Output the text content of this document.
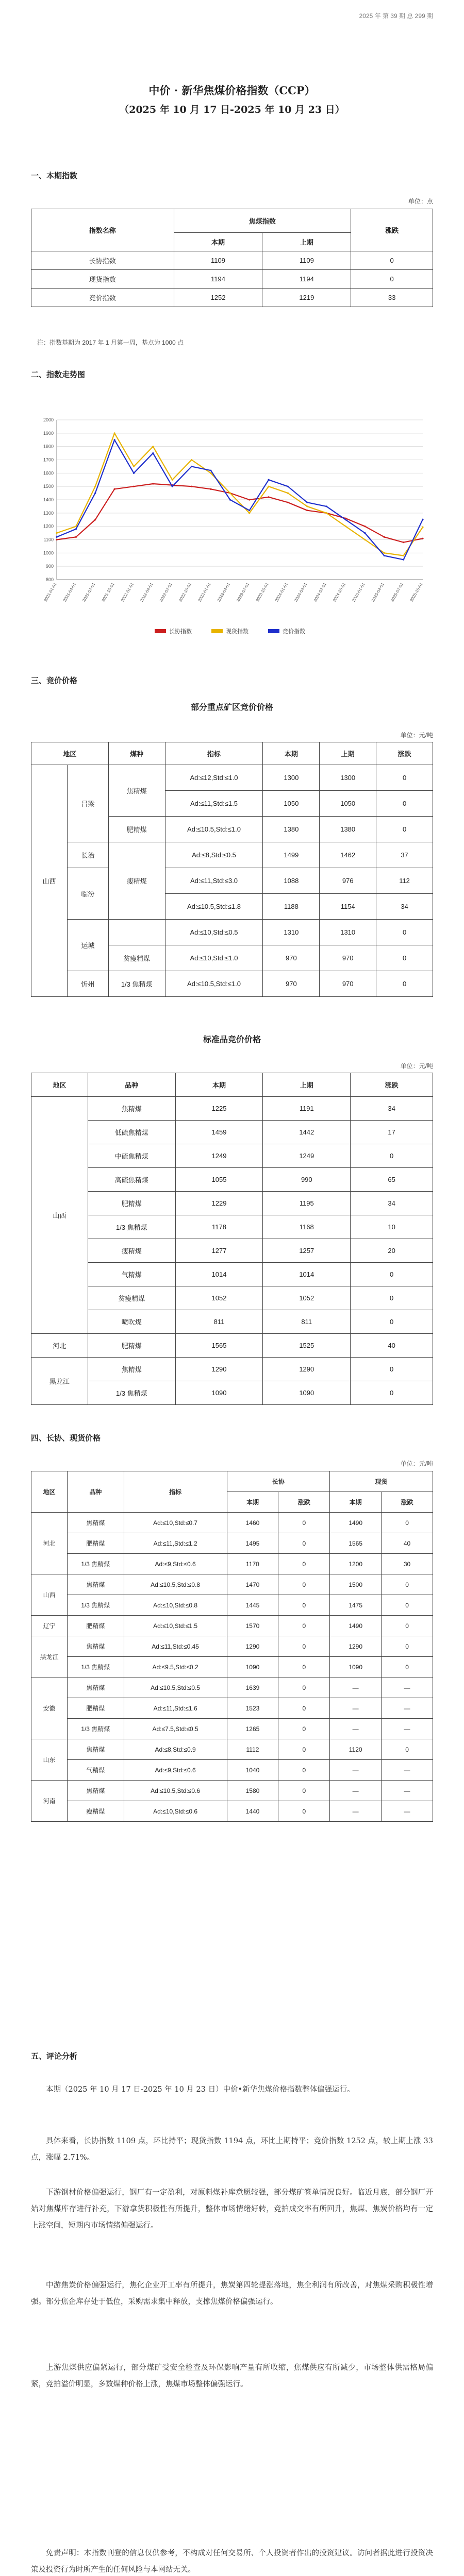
2025 年 第 39 期 总 299 期
中价 · 新华焦煤价格指数（CCP）
（2025 年 10 月 17 日-2025 年 10 月 23 日）
一、本期指数
单位：点
指数名称	焦煤指数		涨跌
	本期	上期	
长协指数	1109	1109	0
现货指数	1194	1194	0
竞价指数	1252	1219	33
注：指数基期为 2017 年 1 月第一周，基点为 1000 点
二、指数走势图
2000
1900
1800
1700
1600
1500
1400
1300
1200
1100
1000
900
800
2021-01-01 2021-04-01 2021-07-01 2021-10-01 2022-01-01 2022-04-01 2022-07-01 2022-10-01 2023-01-01 2023-04-01 2023-07-01 2023-10-01 2024-01-01 2024-04-01 2024-07-01 2024-10-01 2025-01-01 2025-04-01 2025-07-01 2025-10-01
长协指数	现货指数	竞价指数
三、竞价价格
部分重点矿区竞价价格
单位：元/吨
地区		煤种	指标	本期	上期	涨跌
山西	吕梁	焦精煤	Ad:≤12,Std:≤1.0	1300	1300	0
			Ad:≤11,Std:≤1.5	1050	1050	0
		肥精煤	Ad:≤10.5,Std:≤1.0	1380	1380	0
	长治	瘦精煤	Ad:≤8,Std:≤0.5	1499	1462	37
	临汾		Ad:≤11,Std:≤3.0	1088	976	112
			Ad:≤10.5,Std:≤1.8	1188	1154	34
	运城		Ad:≤10,Std:≤0.5	1310	1310	0
		贫瘦精煤	Ad:≤10,Std:≤1.0	970	970	0
	忻州	1/3 焦精煤	Ad:≤10.5,Std:≤1.0	970	970	0
标准品竞价价格
单位：元/吨
地区	品种	本期	上期	涨跌
山西	焦精煤	1225	1191	34
	低硫焦精煤	1459	1442	17
	中硫焦精煤	1249	1249	0
	高硫焦精煤	1055	990	65
	肥精煤	1229	1195	34
	1/3 焦精煤	1178	1168	10
	瘦精煤	1277	1257	20
	气精煤	1014	1014	0
	贫瘦精煤	1052	1052	0
	喷吹煤	811	811	0
河北	肥精煤	1565	1525	40
黑龙江	焦精煤	1290	1290	0
	1/3 焦精煤	1090	1090	0
四、长协、现货价格
单位：元/吨
地区	品种	指标	长协		现货	
			本期	涨跌	本期	涨跌
河北	焦精煤	Ad:≤10,Std:≤0.7	1460	0	1490	0
	肥精煤	Ad:≤11,Std:≤1.2	1495	0	1565	40
	1/3 焦精煤	Ad:≤9,Std:≤0.6	1170	0	1200	30
山西	焦精煤	Ad:≤10.5,Std:≤0.8	1470	0	1500	0
	1/3 焦精煤	Ad:≤10,Std:≤0.8	1445	0	1475	0
辽宁	肥精煤	Ad:≤10,Std:≤1.5	1570	0	1490	0
黑龙江	焦精煤	Ad:≤11,Std:≤0.45	1290	0	1290	0
	1/3 焦精煤	Ad:≤9.5,Std:≤0.2	1090	0	1090	0
安徽	焦精煤	Ad:≤10.5,Std:≤0.5	1639	0	—	—
	肥精煤	Ad:≤11,Std:≤1.6	1523	0	—	—
	1/3 焦精煤	Ad:≤7.5,Std:≤0.5	1265	0	—	—
山东	焦精煤	Ad:≤8,Std:≤0.9	1112	0	1120	0
	气精煤	Ad:≤9,Std:≤0.6	1040	0	—	—
河南	焦精煤	Ad:≤10.5,Std:≤0.6	1580	0	—	—
	瘦精煤	Ad:≤10,Std:≤0.6	1440	0	—	—
五、评论分析
本期（2025 年 10 月 17 日-2025 年 10 月 23 日）中价•新华焦煤价格指数整体偏强运行。
具体来看，长协指数 1109 点，环比持平；现货指数 1194 点，环比上期持平；竞价指数 1252 点，较上期上涨 33 点，涨幅 2.71%。
下游钢材价格偏强运行，钢厂有一定盈利，对原料煤补库意愿较强，部分煤矿签单情况良好。临近月底，部分钢厂开始对焦煤库存进行补充，下游拿货积极性有所提升，整体市场情绪好转，竞拍成交率有所回升，焦煤、焦炭价格均有一定上涨空间，短期内市场情绪偏强运行。
中游焦炭价格偏强运行，焦化企业开工率有所提升，焦炭第四轮提涨落地，焦企利润有所改善，对焦煤采购积极性增强。部分焦企库存处于低位，采购需求集中释放，支撑焦煤价格偏强运行。
上游焦煤供应偏紧运行，部分煤矿受安全检查及环保影响产量有所收缩，焦煤供应有所减少，市场整体供需格局偏紧，竞拍溢价明显，多数煤种价格上涨，焦煤市场整体偏强运行。
免责声明：本指数刊登的信息仅供参考，不构成对任何交易所、个人投资者作出的投资建议。访问者据此进行投资决策及投资行为时所产生的任何风险与本网站无关。
